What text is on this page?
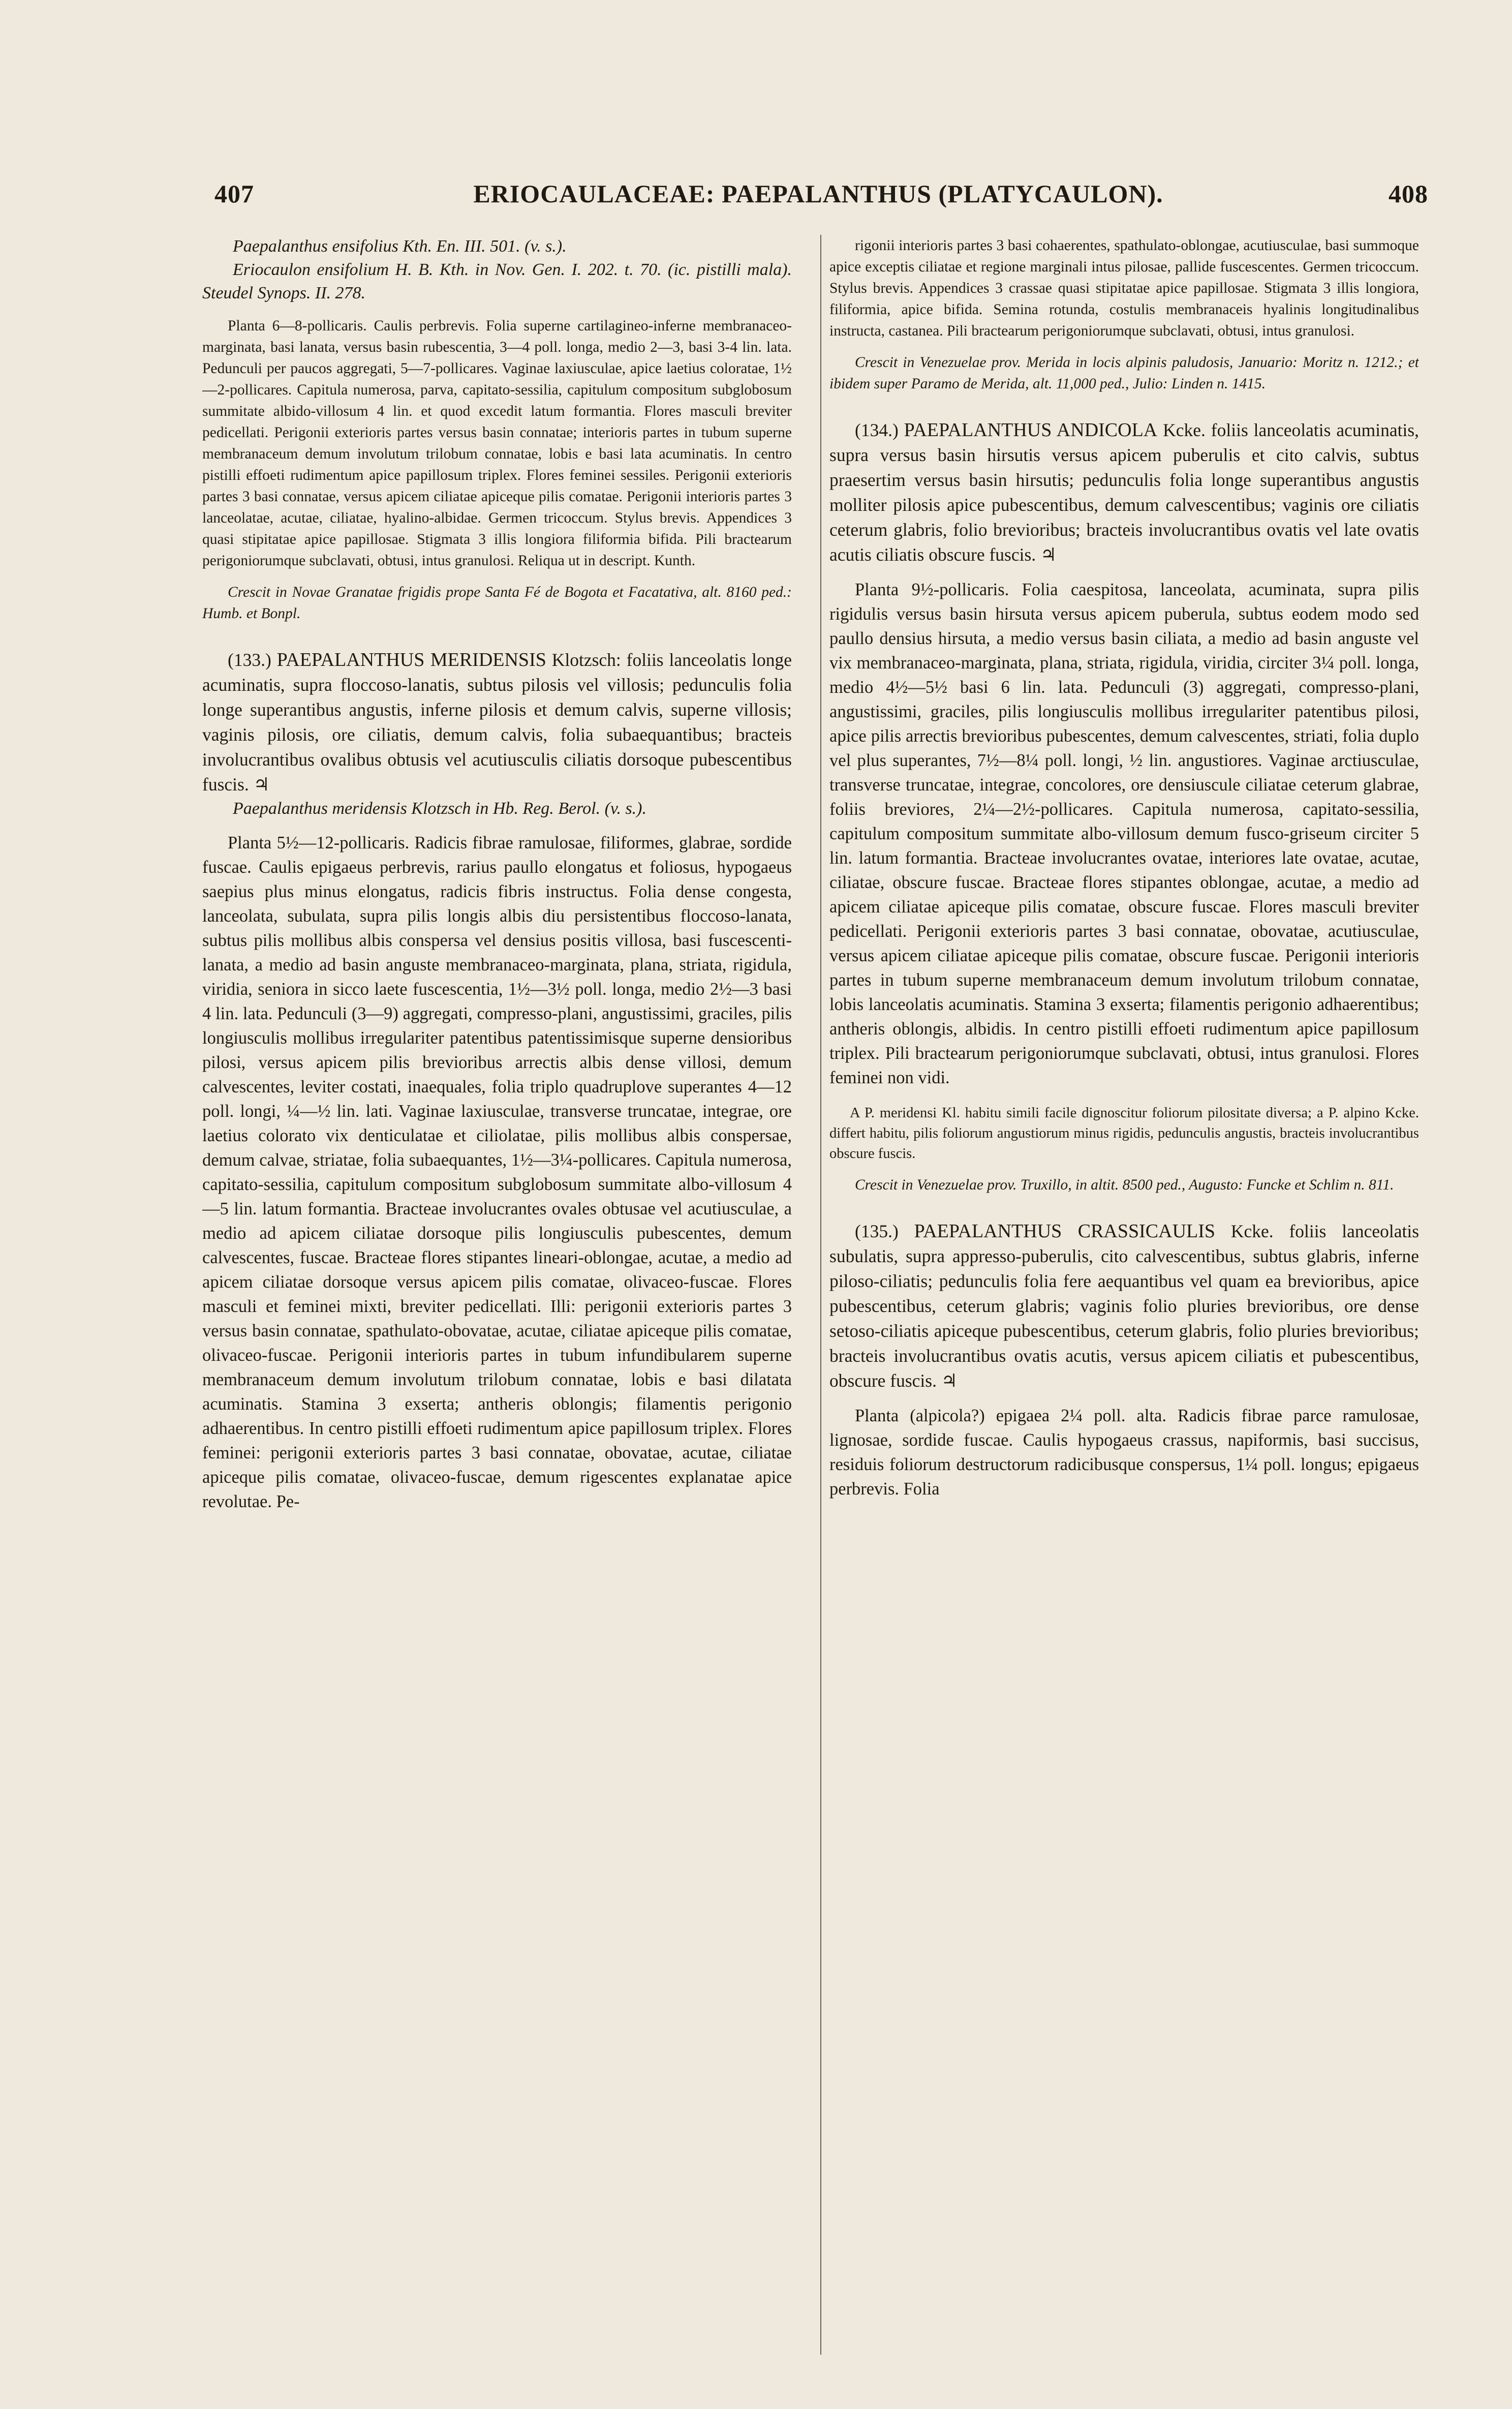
407	ERIOCAULACEAE: PAEPALANTHUS (PLATYCAULON).	408

Paepalanthus ensifolius Kth. En. III. 501. (v. s.).

Eriocaulon ensifolium H. B. Kth. in Nov. Gen. I. 202. t. 70. (ic. pistilli mala). Steudel Synops. II. 278.

Planta 6—8-pollicaris. Caulis perbrevis. Folia superne cartilagineo-inferne membranaceo-marginata, basi lanata, versus basin rubescentia, 3—4 poll. longa, medio 2—3, basi 3-4 lin. lata. Pedunculi per paucos aggregati, 5—7-pollicares. Vaginae laxiusculae, apice laetius coloratae, 1½—2-pollicares. Capitula numerosa, parva, capitato-sessilia, capitulum compositum subglobosum summitate albido-villosum 4 lin. et quod excedit latum formantia. Flores masculi breviter pedicellati. Perigonii exterioris partes versus basin connatae; interioris partes in tubum superne membranaceum demum involutum trilobum connatae, lobis e basi lata acuminatis. In centro pistilli effoeti rudimentum apice papillosum triplex. Flores feminei sessiles. Perigonii exterioris partes 3 basi connatae, versus apicem ciliatae apiceque pilis comatae. Perigonii interioris partes 3 lanceolatae, acutae, ciliatae, hyalino-albidae. Germen tricoccum. Stylus brevis. Appendices 3 quasi stipitatae apice papillosae. Stigmata 3 illis longiora filiformia bifida. Pili bractearum perigoniorumque subclavati, obtusi, intus granulosi. Reliqua ut in descript. Kunth.

Crescit in Novae Granatae frigidis prope Santa Fé de Bogota et Facatativa, alt. 8160 ped.: Humb. et Bonpl.

(133.) PAEPALANTHUS MERIDENSIS Klotzsch: foliis lanceolatis longe acuminatis, supra floccoso-lanatis, subtus pilosis vel villosis; pedunculis folia longe superantibus angustis, inferne pilosis et demum calvis, superne villosis; vaginis pilosis, ore ciliatis, demum calvis, folia subaequantibus; bracteis involucrantibus ovalibus obtusis vel acutiusculis ciliatis dorsoque pubescentibus fuscis. ♃

Paepalanthus meridensis Klotzsch in Hb. Reg. Berol. (v. s.).

Planta 5½—12-pollicaris. Radicis fibrae ramulosae, filiformes, glabrae, sordide fuscae. Caulis epigaeus perbrevis, rarius paullo elongatus et foliosus, hypogaeus saepius plus minus elongatus, radicis fibris instructus. Folia dense congesta, lanceolata, subulata, supra pilis longis albis diu persistentibus floccoso-lanata, subtus pilis mollibus albis conspersa vel densius positis villosa, basi fuscescenti-lanata, a medio ad basin anguste membranaceo-marginata, plana, striata, rigidula, viridia, seniora in sicco laete fuscescentia, 1½—3½ poll. longa, medio 2½—3 basi 4 lin. lata. Pedunculi (3—9) aggregati, compresso-plani, angustissimi, graciles, pilis longiusculis mollibus irregulariter patentibus patentissimisque superne densioribus pilosi, versus apicem pilis brevioribus arrectis albis dense villosi, demum calvescentes, leviter costati, inaequales, folia triplo quadruplove superantes 4—12 poll. longi, ¼—½ lin. lati. Vaginae laxiusculae, transverse truncatae, integrae, ore laetius colorato vix denticulatae et ciliolatae, pilis mollibus albis conspersae, demum calvae, striatae, folia subaequantes, 1½—3¼-pollicares. Capitula numerosa, capitato-sessilia, capitulum compositum subglobosum summitate albo-villosum 4—5 lin. latum formantia. Bracteae involucrantes ovales obtusae vel acutiusculae, a medio ad apicem ciliatae dorsoque pilis longiusculis pubescentes, demum calvescentes, fuscae. Bracteae flores stipantes lineari-oblongae, acutae, a medio ad apicem ciliatae dorsoque versus apicem pilis comatae, olivaceo-fuscae. Flores masculi et feminei mixti, breviter pedicellati. Illi: perigonii exterioris partes 3 versus basin connatae, spathulato-obovatae, acutae, ciliatae apiceque pilis comatae, olivaceo-fuscae. Perigonii interioris partes in tubum infundibularem superne membranaceum demum involutum trilobum connatae, lobis e basi dilatata acuminatis. Stamina 3 exserta; antheris oblongis; filamentis perigonio adhaerentibus. In centro pistilli effoeti rudimentum apice papillosum triplex. Flores feminei: perigonii exterioris partes 3 basi connatae, obovatae, acutae, ciliatae apiceque pilis comatae, olivaceo-fuscae, demum rigescentes explanatae apice revolutae. Pe-

rigonii interioris partes 3 basi cohaerentes, spathulato-oblongae, acutiusculae, basi summoque apice exceptis ciliatae et regione marginali intus pilosae, pallide fuscescentes. Germen tricoccum. Stylus brevis. Appendices 3 crassae quasi stipitatae apice papillosae. Stigmata 3 illis longiora, filiformia, apice bifida. Semina rotunda, costulis membranaceis hyalinis longitudinalibus instructa, castanea. Pili bractearum perigoniorumque subclavati, obtusi, intus granulosi.

Crescit in Venezuelae prov. Merida in locis alpinis paludosis, Januario: Moritz n. 1212.; et ibidem super Paramo de Merida, alt. 11,000 ped., Julio: Linden n. 1415.

(134.) PAEPALANTHUS ANDICOLA Kcke. foliis lanceolatis acuminatis, supra versus basin hirsutis versus apicem puberulis et cito calvis, subtus praesertim versus basin hirsutis; pedunculis folia longe superantibus angustis molliter pilosis apice pubescentibus, demum calvescentibus; vaginis ore ciliatis ceterum glabris, folio brevioribus; bracteis involucrantibus ovatis vel late ovatis acutis ciliatis obscure fuscis. ♃

Planta 9½-pollicaris. Folia caespitosa, lanceolata, acuminata, supra pilis rigidulis versus basin hirsuta versus apicem puberula, subtus eodem modo sed paullo densius hirsuta, a medio versus basin ciliata, a medio ad basin anguste vel vix membranaceo-marginata, plana, striata, rigidula, viridia, circiter 3¼ poll. longa, medio 4½—5½ basi 6 lin. lata. Pedunculi (3) aggregati, compresso-plani, angustissimi, graciles, pilis longiusculis mollibus irregulariter patentibus pilosi, apice pilis arrectis brevioribus pubescentes, demum calvescentes, striati, folia duplo vel plus superantes, 7½—8¼ poll. longi, ½ lin. angustiores. Vaginae arctiusculae, transverse truncatae, integrae, concolores, ore densiuscule ciliatae ceterum glabrae, foliis breviores, 2¼—2½-pollicares. Capitula numerosa, capitato-sessilia, capitulum compositum summitate albo-villosum demum fusco-griseum circiter 5 lin. latum formantia. Bracteae involucrantes ovatae, interiores late ovatae, acutae, ciliatae, obscure fuscae. Bracteae flores stipantes oblongae, acutae, a medio ad apicem ciliatae apiceque pilis comatae, obscure fuscae. Flores masculi breviter pedicellati. Perigonii exterioris partes 3 basi connatae, obovatae, acutiusculae, versus apicem ciliatae apiceque pilis comatae, obscure fuscae. Perigonii interioris partes in tubum superne membranaceum demum involutum trilobum connatae, lobis lanceolatis acuminatis. Stamina 3 exserta; filamentis perigonio adhaerentibus; antheris oblongis, albidis. In centro pistilli effoeti rudimentum apice papillosum triplex. Pili bractearum perigoniorumque subclavati, obtusi, intus granulosi. Flores feminei non vidi.

A P. meridensi Kl. habitu simili facile dignoscitur foliorum pilositate diversa; a P. alpino Kcke. differt habitu, pilis foliorum angustiorum minus rigidis, pedunculis angustis, bracteis involucrantibus obscure fuscis.

Crescit in Venezuelae prov. Truxillo, in altit. 8500 ped., Augusto: Funcke et Schlim n. 811.

(135.) PAEPALANTHUS CRASSICAULIS Kcke. foliis lanceolatis subulatis, supra appresso-puberulis, cito calvescentibus, subtus glabris, inferne piloso-ciliatis; pedunculis folia fere aequantibus vel quam ea brevioribus, apice pubescentibus, ceterum glabris; vaginis folio pluries brevioribus, ore dense setoso-ciliatis apiceque pubescentibus, ceterum glabris, folio pluries brevioribus; bracteis involucrantibus ovatis acutis, versus apicem ciliatis et pubescentibus, obscure fuscis. ♃

Planta (alpicola?) epigaea 2¼ poll. alta. Radicis fibrae parce ramulosae, lignosae, sordide fuscae. Caulis hypogaeus crassus, napiformis, basi succisus, residuis foliorum destructorum radicibusque conspersus, 1¼ poll. longus; epigaeus perbrevis. Folia
